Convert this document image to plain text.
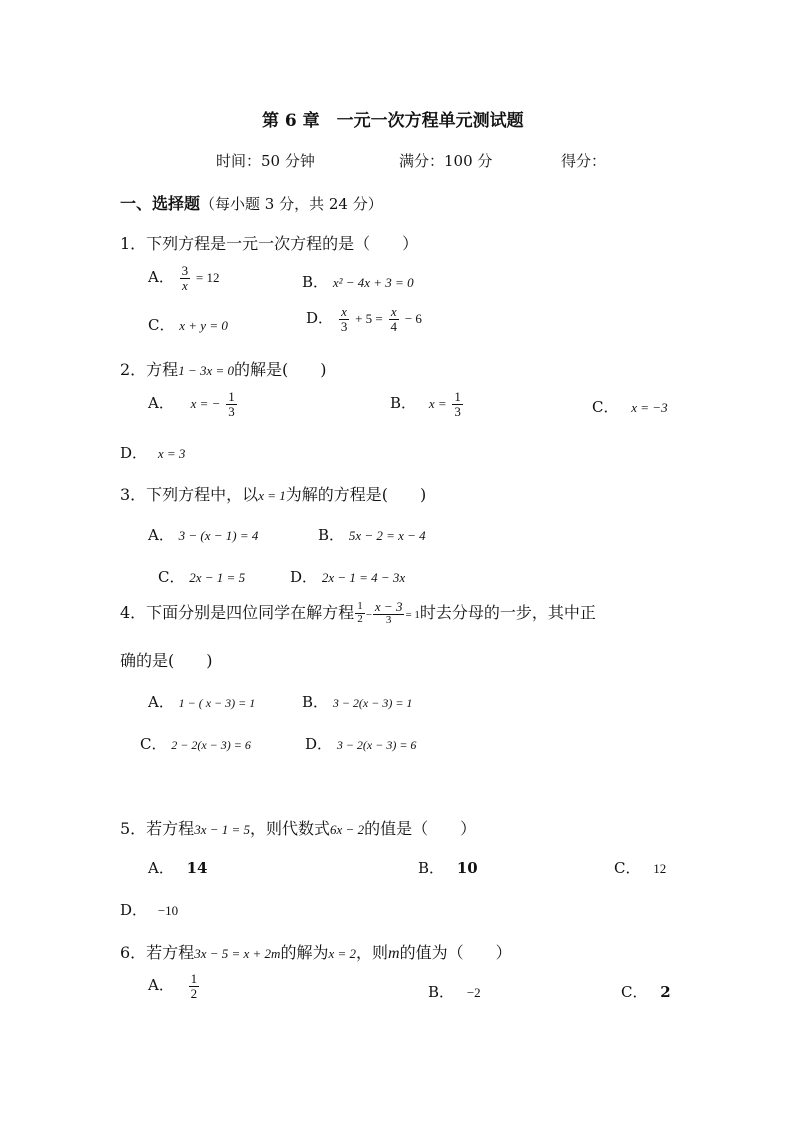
第 6 章　一元一次方程单元测试题
时间：50 分钟	满分：100 分	得分：
一、选择题（每小题 3 分，共 24 分）
1．下列方程是一元一次方程的是（　　）
A． $\frac{3}{x} = 12$	B． x² − 4x + 3 = 0
C． x + y = 0	D． $\frac{x}{3} + 5 = \frac{x}{4} - 6$
2．方程1 − 3x = 0的解是(　　)
A． x = − $\frac{1}{3}$	B． $x = \frac{1}{3}$	C． x = −3
D． x = 3
3．下列方程中，以x = 1为解的方程是(　　)
A． 3 − (x − 1) = 4	B． 5x − 2 = x − 4
C． 2x − 1 = 5	D． 2x − 1 = 4 − 3x
4．下面分别是四位同学在解方程 $\frac{1}{2} - \frac{x - 3}{3} = 1$时去分母的一步，其中正
确的是(　　)
A． 1 − ( x − 3) = 1	B． 3 − 2(x − 3) = 1
C． 2 − 2(x − 3) = 6	D． 3 − 2(x − 3) = 6
5．若方程3x − 1 = 5，则代数式6x − 2的值是（　　）
A． 14	B． 10	C． 12
D． −10
6．若方程3x − 5 = x + 2m的解为x = 2，则m的值为（　　）
A． $\frac{1}{2}$	B． −2	C． 2
